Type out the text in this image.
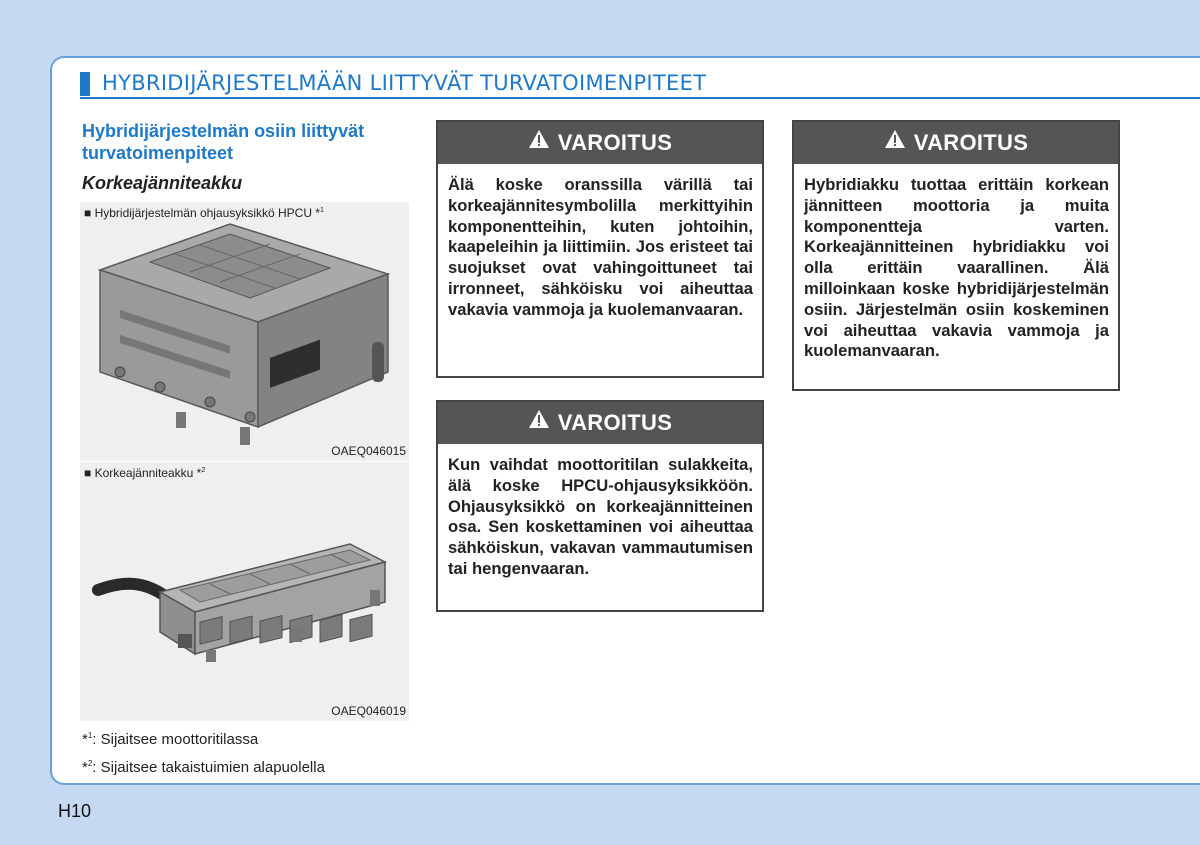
HYBRIDIJÄRJESTELMÄÄN LIITTYVÄT TURVATOIMENPITEET
Hybridijärjestelmän osiin liittyvät turvatoimenpiteet
Korkeajänniteakku
■ Hybridijärjestelmän ohjausyksikkö HPCU *$^1$
OAEQ046015
■ Korkeajänniteakku *$^2$
OAEQ046019
*$^1$: Sijaitsee moottoritilassa
*$^2$: Sijaitsee takaistuimien alapuolella
VAROITUS
Älä koske oranssilla värillä tai korkeajännitesymbolilla merkittyihin komponentteihin, kuten johtoihin, kaapeleihin ja liittimiin. Jos eristeet tai suojukset ovat vahingoittuneet tai irronneet, sähköisku voi aiheuttaa vakavia vammoja ja kuolemanvaaran.
VAROITUS
Kun vaihdat moottoritilan sulakkeita, älä koske HPCU-ohjausyksikköön. Ohjausyksikkö on korkeajännitteinen osa. Sen koskettaminen voi aiheuttaa sähköiskun, vakavan vammautumisen tai hengenvaaran.
VAROITUS
Hybridiakku tuottaa erittäin korkean jännitteen moottoria ja muita komponentteja varten. Korkeajännitteinen hybridiakku voi olla erittäin vaarallinen. Älä milloinkaan koske hybridijärjestelmän osiin. Järjestelmän osiin koskeminen voi aiheuttaa vakavia vammoja ja kuolemanvaaran.
H10
